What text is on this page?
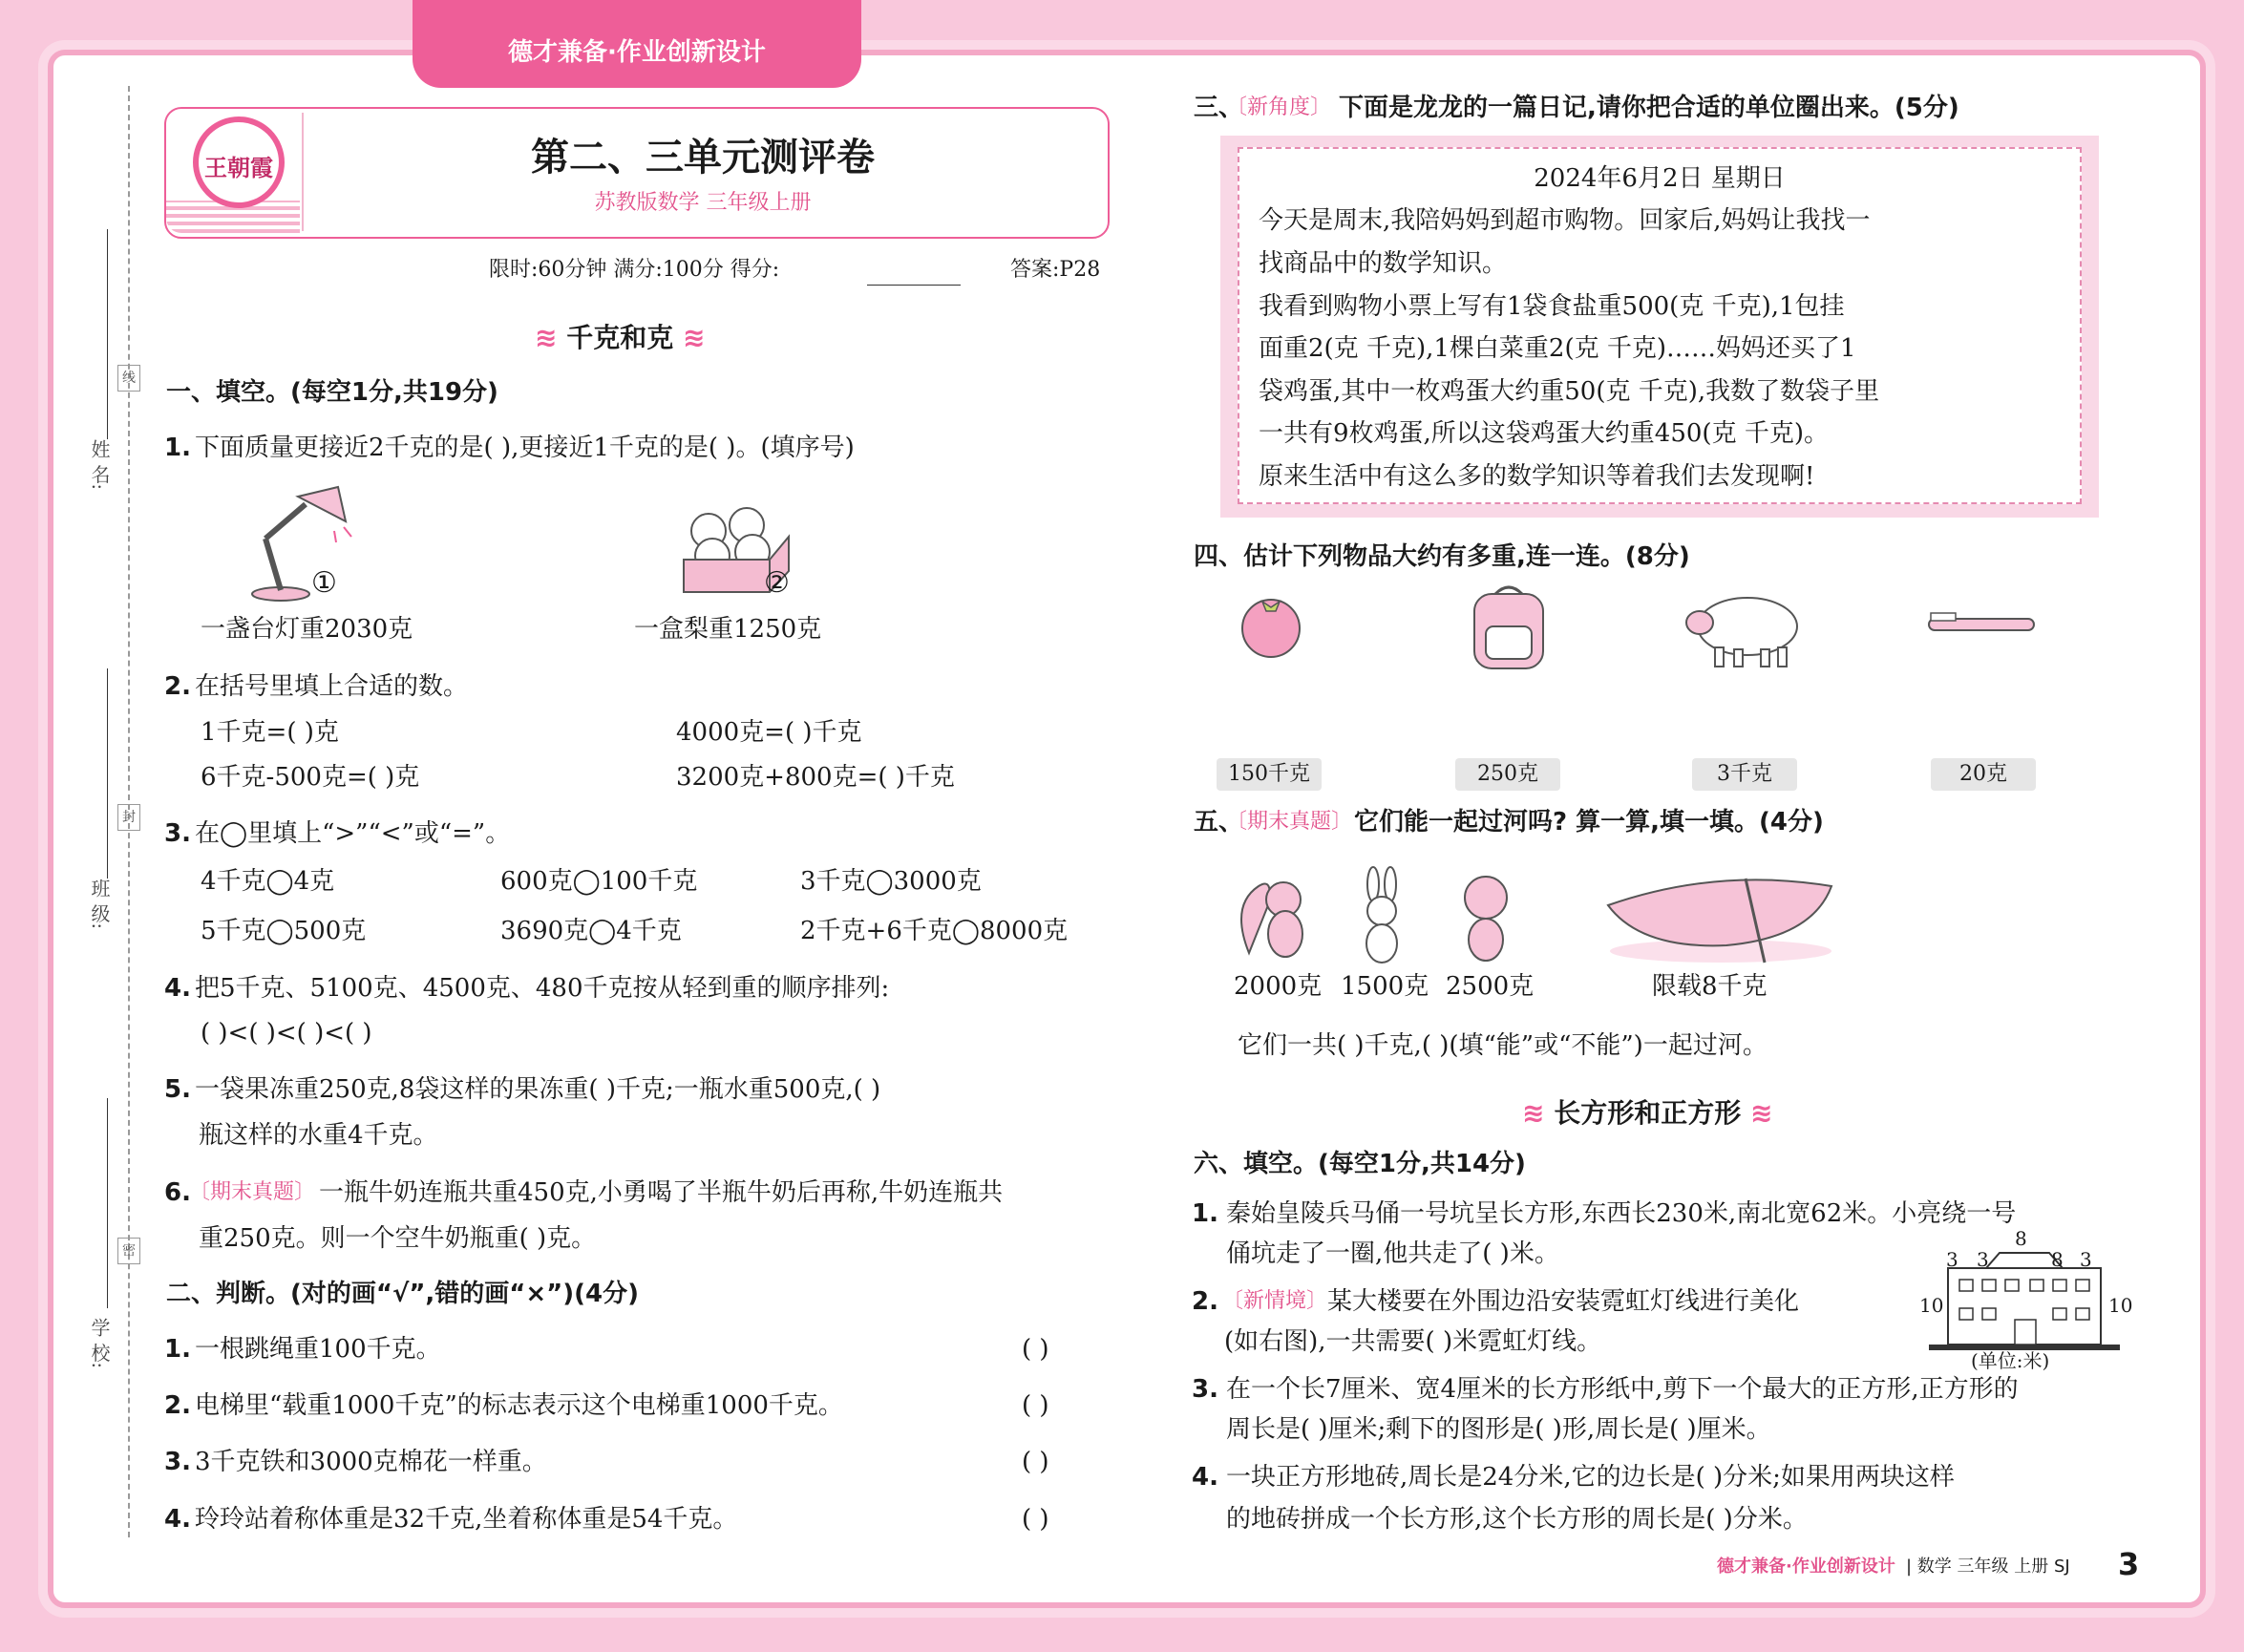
德才兼备·作业创新设计
姓 名:
班 级:
学 校:
线
封
密
王朝霞	第二、三单元测评卷
苏教版数学 三年级上册
限时:60分钟 满分:100分 得分:	答案:P28
≋ 千克和克 ≋
一、填空。(每空1分,共19分)
1. 下面质量更接近2千克的是( ),更接近1千克的是( )。(填序号)
①	②
一盏台灯重2030克	一盒梨重1250克
2. 在括号里填上合适的数。
1千克=( )克	4000克=( )千克
6千克-500克=( )克	3200克+800克=( )千克
3. 在◯里填上“>”“<”或“=”。
4千克◯4克	600克◯100千克	3千克◯3000克
5千克◯500克	3690克◯4千克	2千克+6千克◯8000克
4. 把5千克、5100克、4500克、480千克按从轻到重的顺序排列:
( )<( )<( )<( )
5. 一袋果冻重250克,8袋这样的果冻重( )千克;一瓶水重500克,( )
瓶这样的水重4千克。
6.
〔期末真题〕 一瓶牛奶连瓶共重450克,小勇喝了半瓶牛奶后再称,牛奶连瓶共
重250克。则一个空牛奶瓶重( )克。
二、判断。(对的画“√”,错的画“×”)(4分)
1. 一根跳绳重100千克。	( )
2. 电梯里“载重1000千克”的标志表示这个电梯重1000千克。	( )
3. 3千克铁和3000克棉花一样重。	( )
4. 玲玲站着称体重是32千克,坐着称体重是54千克。	( )
三、
〔新角度〕 下面是龙龙的一篇日记,请你把合适的单位圈出来。(5分)
2024年6月2日 星期日
今天是周末,我陪妈妈到超市购物。回家后,妈妈让我找一
找商品中的数学知识。
我看到购物小票上写有1袋食盐重500(克 千克),1包挂
面重2(克 千克),1棵白菜重2(克 千克)……妈妈还买了1
袋鸡蛋,其中一枚鸡蛋大约重50(克 千克),我数了数袋子里
一共有9枚鸡蛋,所以这袋鸡蛋大约重450(克 千克)。
原来生活中有这么多的数学知识等着我们去发现啊!
四、估计下列物品大约有多重,连一连。(8分)
150千克	250克	3千克	20克
五、
〔期末真题〕 它们能一起过河吗? 算一算,填一填。(4分)
2000克 1500克 2500克	限载8千克
它们一共( )千克,( )(填“能”或“不能”)一起过河。
≋ 长方形和正方形 ≋
六、填空。(每空1分,共14分)
1. 秦始皇陵兵马俑一号坑呈长方形,东西长230米,南北宽62米。小亮绕一号
俑坑走了一圈,他共走了( )米。
2. 〔新情境〕 某大楼要在外围边沿安装霓虹灯线进行美化
(如右图),一共需要( )米霓虹灯线。
8
3 3	8 3
10	10
(单位:米)
3. 在一个长7厘米、宽4厘米的长方形纸中,剪下一个最大的正方形,正方形的
周长是( )厘米;剩下的图形是( )形,周长是( )厘米。
4. 一块正方形地砖,周长是24分米,它的边长是( )分米;如果用两块这样
的地砖拼成一个长方形,这个长方形的周长是( )分米。
德才兼备·作业创新设计 | 数学 三年级 上册 SJ 3
